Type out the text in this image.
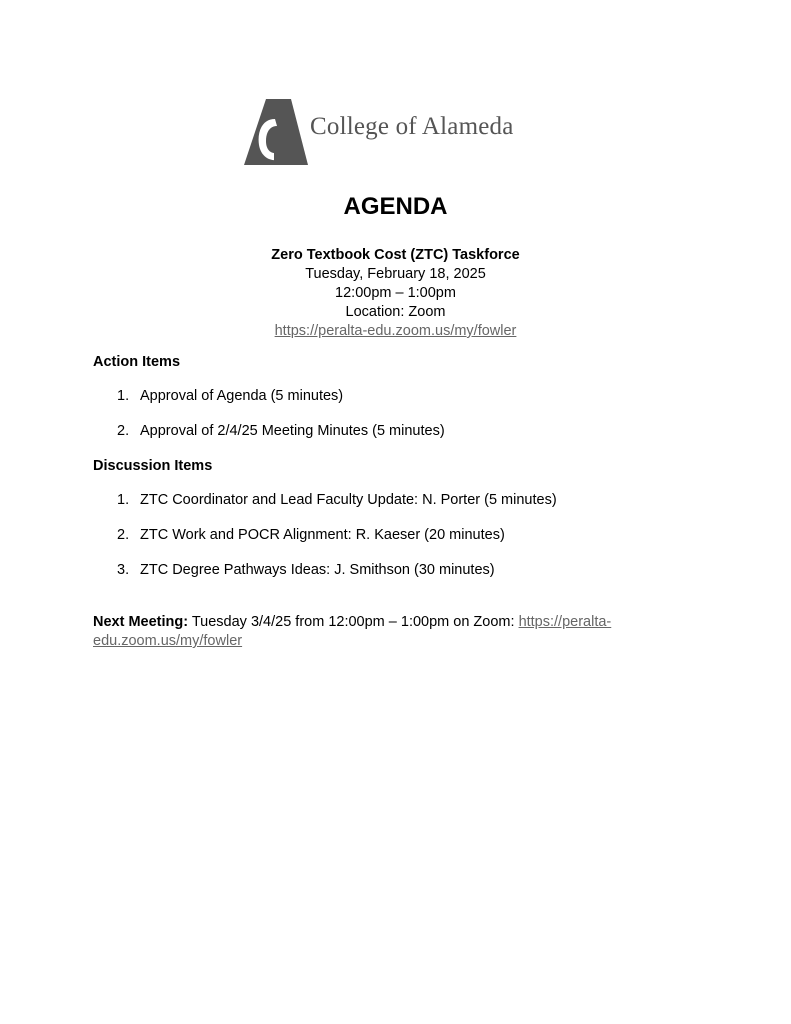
College of Alameda
AGENDA
Zero Textbook Cost (ZTC) Taskforce
Tuesday, February 18, 2025
12:00pm – 1:00pm
Location: Zoom
https://peralta-edu.zoom.us/my/fowler
Action Items
1. Approval of Agenda (5 minutes)
2. Approval of 2/4/25 Meeting Minutes (5 minutes)
Discussion Items
1. ZTC Coordinator and Lead Faculty Update: N. Porter (5 minutes)
2. ZTC Work and POCR Alignment: R. Kaeser (20 minutes)
3. ZTC Degree Pathways Ideas: J. Smithson (30 minutes)
Next Meeting: Tuesday 3/4/25 from 12:00pm – 1:00pm on Zoom: https://peralta-edu.zoom.us/my/fowler
